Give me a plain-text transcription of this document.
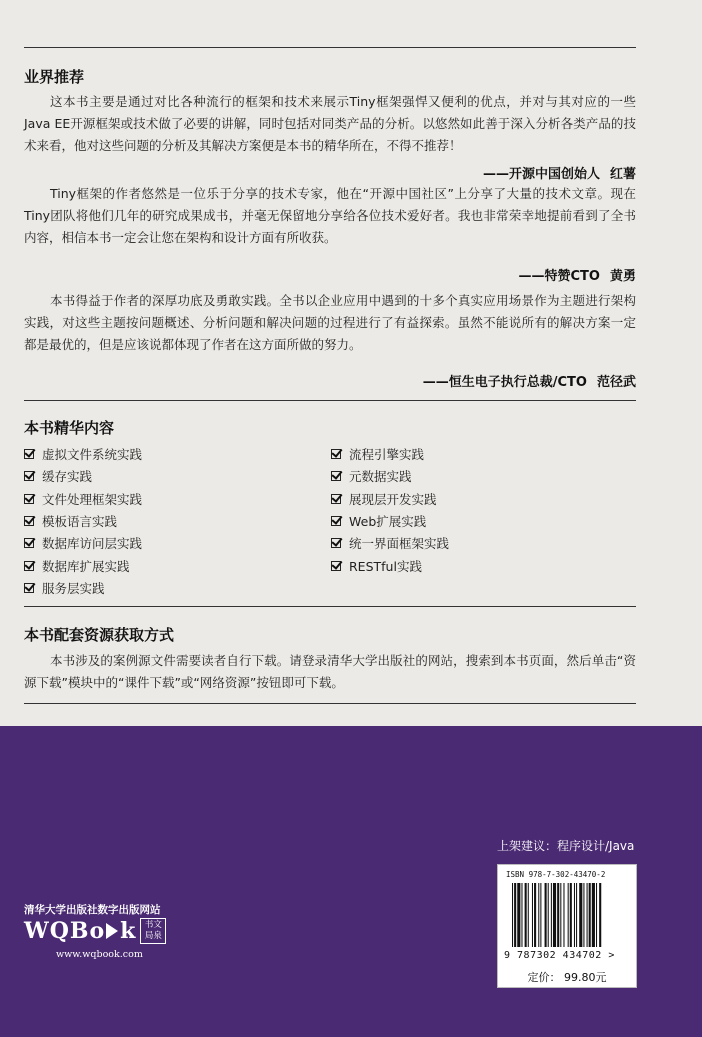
业界推荐

这本书主要是通过对比各种流行的框架和技术来展示Tiny框架强悍又便利的优点，并对与其对应的一些Java EE开源框架或技术做了必要的讲解，同时包括对同类产品的分析。以悠然如此善于深入分析各类产品的技术来看，他对这些问题的分析及其解决方案便是本书的精华所在，不得不推荐！

——开源中国创始人 红薯

Tiny框架的作者悠然是一位乐于分享的技术专家，他在“开源中国社区”上分享了大量的技术文章。现在Tiny团队将他们几年的研究成果成书，并毫无保留地分享给各位技术爱好者。我也非常荣幸地提前看到了全书内容，相信本书一定会让您在架构和设计方面有所收获。

——特赞CTO 黄勇

本书得益于作者的深厚功底及勇敢实践。全书以企业应用中遇到的十多个真实应用场景作为主题进行架构实践，对这些主题按问题概述、分析问题和解决问题的过程进行了有益探索。虽然不能说所有的解决方案一定都是最优的，但是应该说都体现了作者在这方面所做的努力。

——恒生电子执行总裁/CTO 范径武
本书精华内容
虚拟文件系统实践
缓存实践
文件处理框架实践
模板语言实践
数据库访问层实践
数据库扩展实践
服务层实践
流程引擎实践
元数据实践
展现层开发实践
Web扩展实践
统一界面框架实践
RESTful实践
本书配套资源获取方式

本书涉及的案例源文件需要读者自行下载。请登录清华大学出版社的网站，搜索到本书页面，然后单击“资源下载”模块中的“课件下载”或“网络资源”按钮即可下载。

上架建议：程序设计/Java
清华大学出版社数字出版网站
WQBo k 书文局泉
www.wqbook.com
ISBN 978-7-302-43470-2
9 787302 434702 >
定价： 99.80元
